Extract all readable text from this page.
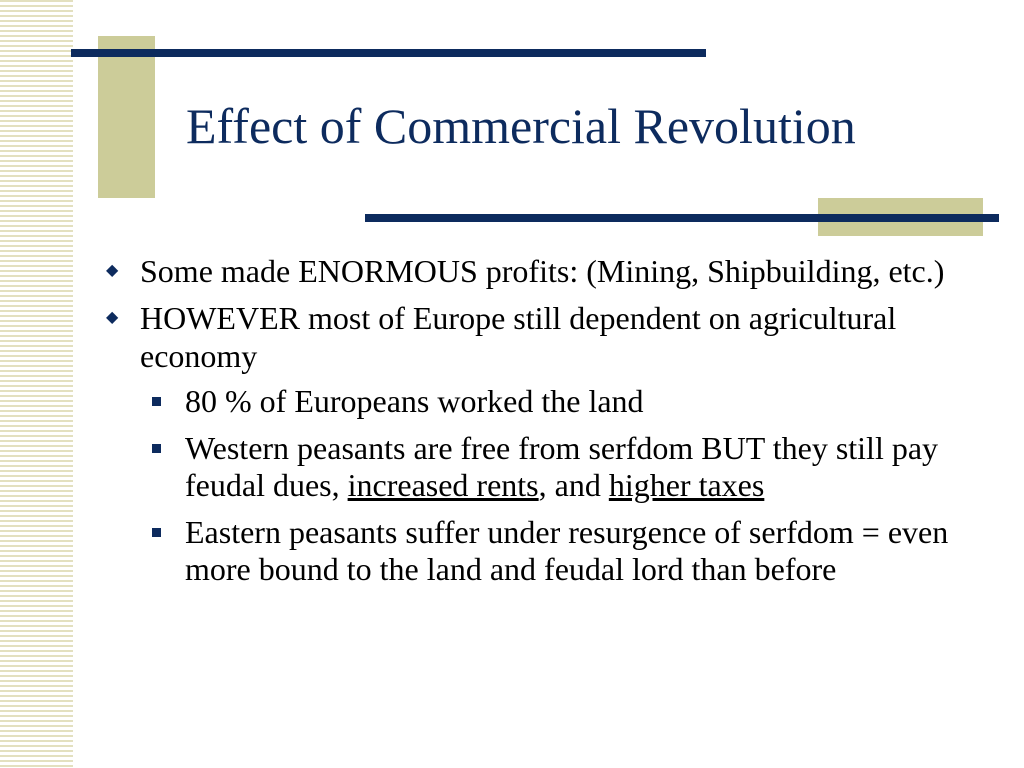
Effect of Commercial Revolution
◆ Some made ENORMOUS profits: (Mining, Shipbuilding, etc.)
◆ HOWEVER most of Europe still dependent on agricultural economy
80 % of Europeans worked the land
Western peasants are free from serfdom BUT they still pay feudal dues, increased rents, and higher taxes
Eastern peasants suffer under resurgence of serfdom = even more bound to the land and feudal lord than before
